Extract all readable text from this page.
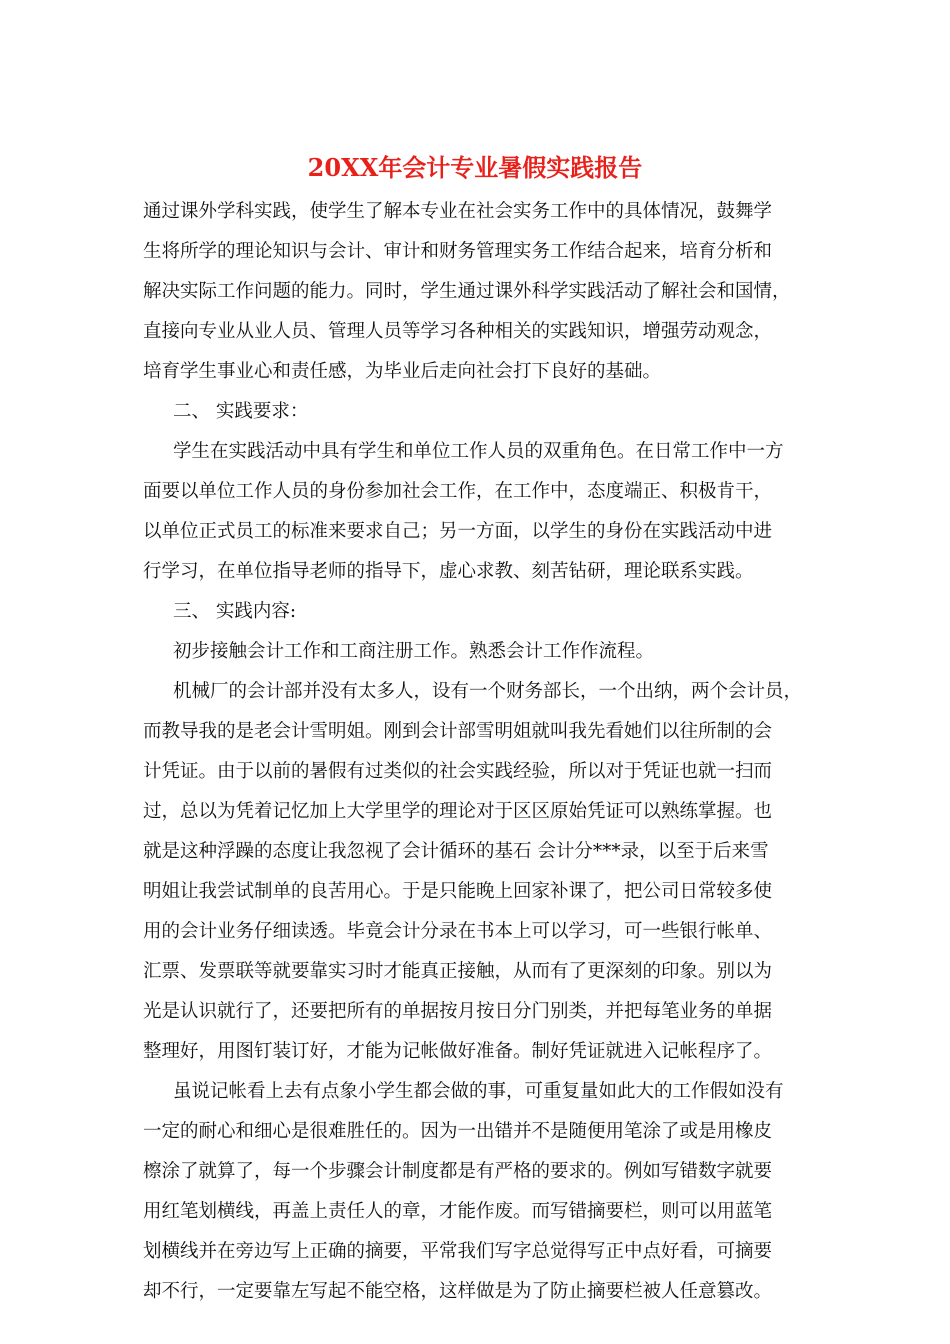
20XX年会计专业暑假实践报告
通过课外学科实践，使学生了解本专业在社会实务工作中的具体情况，鼓舞学
生将所学的理论知识与会计、审计和财务管理实务工作结合起来，培育分析和
解决实际工作问题的能力。同时，学生通过课外科学实践活动了解社会和国情，
直接向专业从业人员、管理人员等学习各种相关的实践知识，增强劳动观念，
培育学生事业心和责任感，为毕业后走向社会打下良好的基础。
二、 实践要求：
学生在实践活动中具有学生和单位工作人员的双重角色。在日常工作中一方
面要以单位工作人员的身份参加社会工作，在工作中，态度端正、积极肯干，
以单位正式员工的标准来要求自己；另一方面，以学生的身份在实践活动中进
行学习，在单位指导老师的指导下，虚心求教、刻苦钻研，理论联系实践。
三、 实践内容:
初步接触会计工作和工商注册工作。熟悉会计工作作流程。
机械厂的会计部并没有太多人，设有一个财务部长，一个出纳，两个会计员，
而教导我的是老会计雪明姐。刚到会计部雪明姐就叫我先看她们以往所制的会
计凭证。由于以前的暑假有过类似的社会实践经验，所以对于凭证也就一扫而
过，总以为凭着记忆加上大学里学的理论对于区区原始凭证可以熟练掌握。也
就是这种浮躁的态度让我忽视了会计循环的基石 会计分***录，以至于后来雪
明姐让我尝试制单的良苦用心。于是只能晚上回家补课了，把公司日常较多使
用的会计业务仔细读透。毕竟会计分录在书本上可以学习，可一些银行帐单、
汇票、发票联等就要靠实习时才能真正接触，从而有了更深刻的印象。别以为
光是认识就行了，还要把所有的单据按月按日分门别类，并把每笔业务的单据
整理好，用图钉装订好，才能为记帐做好准备。制好凭证就进入记帐程序了。
虽说记帐看上去有点象小学生都会做的事，可重复量如此大的工作假如没有
一定的耐心和细心是很难胜任的。因为一出错并不是随便用笔涂了或是用橡皮
檫涂了就算了，每一个步骤会计制度都是有严格的要求的。例如写错数字就要
用红笔划横线，再盖上责任人的章，才能作废。而写错摘要栏，则可以用蓝笔
划横线并在旁边写上正确的摘要，平常我们写字总觉得写正中点好看，可摘要
却不行，一定要靠左写起不能空格，这样做是为了防止摘要栏被人任意篡改。
